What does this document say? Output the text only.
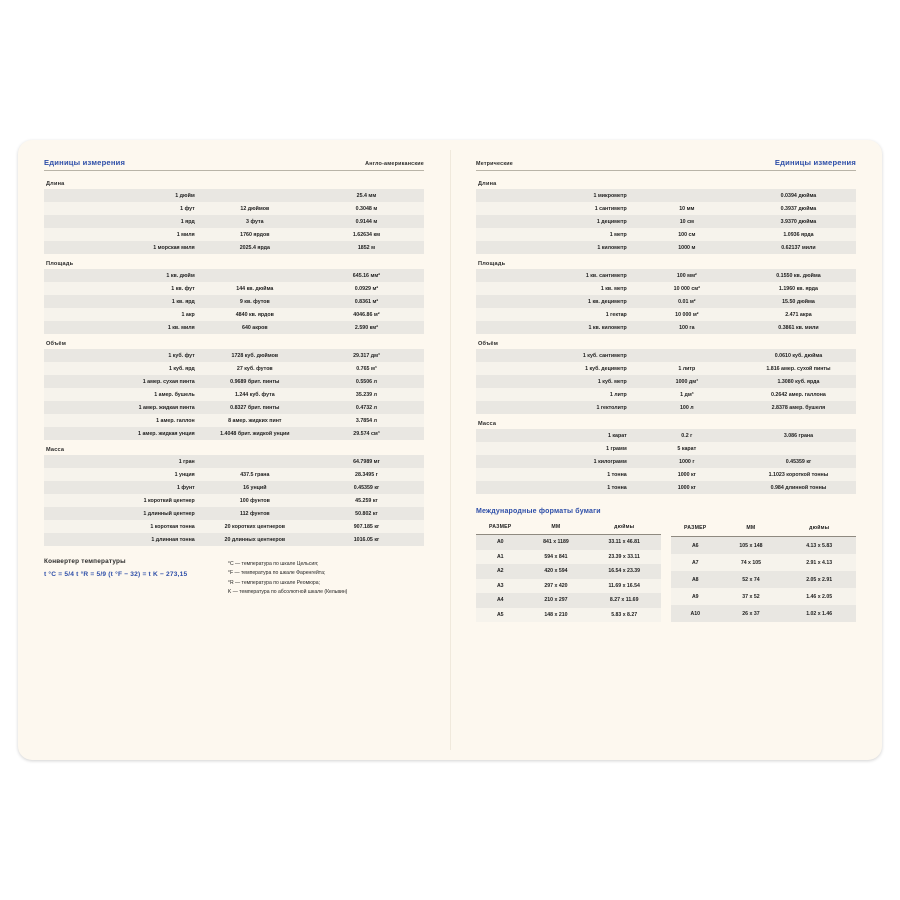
Единицы измерения	Англо-американские
Длина
1 дюйм		25.4 мм
1 фут	12 дюймов	0.3048 м
1 ярд	3 фута	0.9144 м
1 миля	1760 ярдов	1.62634 км
1 морская миля	2025.4 ярда	1852 м
Площадь
1 кв. дюйм		645.16 мм²
1 кв. фут	144 кв. дюйма	0.0929 м²
1 кв. ярд	9 кв. футов	0.8361 м²
1 акр	4840 кв. ярдов	4046.86 м²
1 кв. миля	640 акров	2.590 км²
Объём
1 куб. фут	1728 куб. дюймов	29.317 дм³
1 куб. ярд	27 куб. футов	0.765 м³
1 амер. сухая пинта	0.9689 брит. пинты	0.5506 л
1 амер. бушель	1.244 куб. фута	35.239 л
1 амер. жидкая пинта	0.8327 брит. пинты	0.4732 л
1 амер. галлон	8 амер. жидких пинт	3.7854 л
1 амер. жидкая унция	1.4048 брит. жидкой унции	29.574 см³
Масса
1 гран		64.7989 мг
1 унция	437.5 грана	28.3495 г
1 фунт	16 унций	0.45359 кг
1 короткий центнер	100 фунтов	45.259 кг
1 длинный центнер	112 фунтов	50.802 кг
1 короткая тонна	20 коротких центнеров	907.185 кг
1 длинная тонна	20 длинных центнеров	1016.05 кг
Конвертер температуры
t °C = 5/4 t °R = 5/9 (t °F − 32) = t K − 273,15
°C — температура по шкале Цельсия;
°F — температура по шкале Фаренгейта;
°R — температура по шкале Реомюра;
K — температура по абсолютной шкале (Кельвин)
Метрические	Единицы измерения
Длина
1 микрометр		0.0394 дюйма
1 сантиметр	10 мм	0.3937 дюйма
1 дециметр	10 см	3.9370 дюйма
1 метр	100 см	1.0936 ярда
1 километр	1000 м	0.62137 мили
Площадь
1 кв. сантиметр	100 мм²	0.1550 кв. дюйма
1 кв. метр	10 000 см²	1.1960 кв. ярда
1 кв. дециметр	0.01 м²	15.50 дюйма
1 гектар	10 000 м²	2.471 акра
1 кв. километр	100 га	0.3861 кв. мили
Объём
1 куб. сантиметр		0.0610 куб. дюйма
1 куб. дециметр	1 литр	1.816 амер. сухой пинты
1 куб. метр	1000 дм³	1.3080 куб. ярда
1 литр	1 дм³	0.2642 амер. галлона
1 гектолитр	100 л	2.8378 амер. бушеля
Масса
1 карат	0.2 г	3.086 грана
1 грамм	5 карат	
1 килограмм	1000 г	0.45359 кг
1 тонна	1000 кг	1.1023 короткой тонны
1 тонна	1000 кг	0.984 длинной тонны
Международные форматы бумаги
РАЗМЕР	ММ	дюймы
A0	841 x 1189	33.11 x 46.81
A1	594 x 841	23.39 x 33.11
A2	420 x 594	16.54 x 23.39
A3	297 x 420	11.69 x 16.54
A4	210 x 297	8.27 x 11.69
A5	148 x 210	5.83 x 8.27
РАЗМЕР	ММ	дюймы
A6	105 x 148	4.13 x 5.83
A7	74 x 105	2.91 x 4.13
A8	52 x 74	2.05 x 2.91
A9	37 x 52	1.46 x 2.05
A10	26 x 37	1.02 x 1.46
